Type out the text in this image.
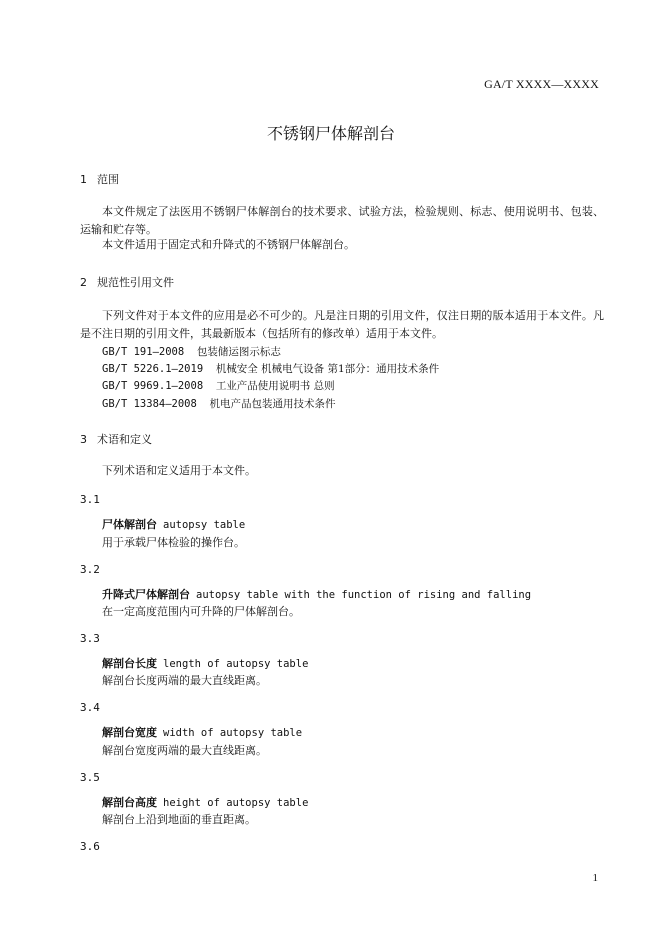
GA/T XXXX—XXXX
不锈钢尸体解剖台
1 范围
本文件规定了法医用不锈钢尸体解剖台的技术要求、试验方法，检验规则、标志、使用说明书、包装、运输和贮存等。
本文件适用于固定式和升降式的不锈钢尸体解剖台。
2 规范性引用文件
下列文件对于本文件的应用是必不可少的。凡是注日期的引用文件，仅注日期的版本适用于本文件。凡是不注日期的引用文件，其最新版本（包括所有的修改单）适用于本文件。
GB/T 191—2008 包装储运图示标志
GB/T 5226.1—2019 机械安全 机械电气设备 第1部分：通用技术条件
GB/T 9969.1—2008 工业产品使用说明书 总则
GB/T 13384—2008 机电产品包装通用技术条件
3 术语和定义
下列术语和定义适用于本文件。
3.1
尸体解剖台 autopsy table
用于承载尸体检验的操作台。
3.2
升降式尸体解剖台 autopsy table with the function of rising and falling
在一定高度范围内可升降的尸体解剖台。
3.3
解剖台长度 length of autopsy table
解剖台长度两端的最大直线距离。
3.4
解剖台宽度 width of autopsy table
解剖台宽度两端的最大直线距离。
3.5
解剖台高度 height of autopsy table
解剖台上沿到地面的垂直距离。
3.6
1
